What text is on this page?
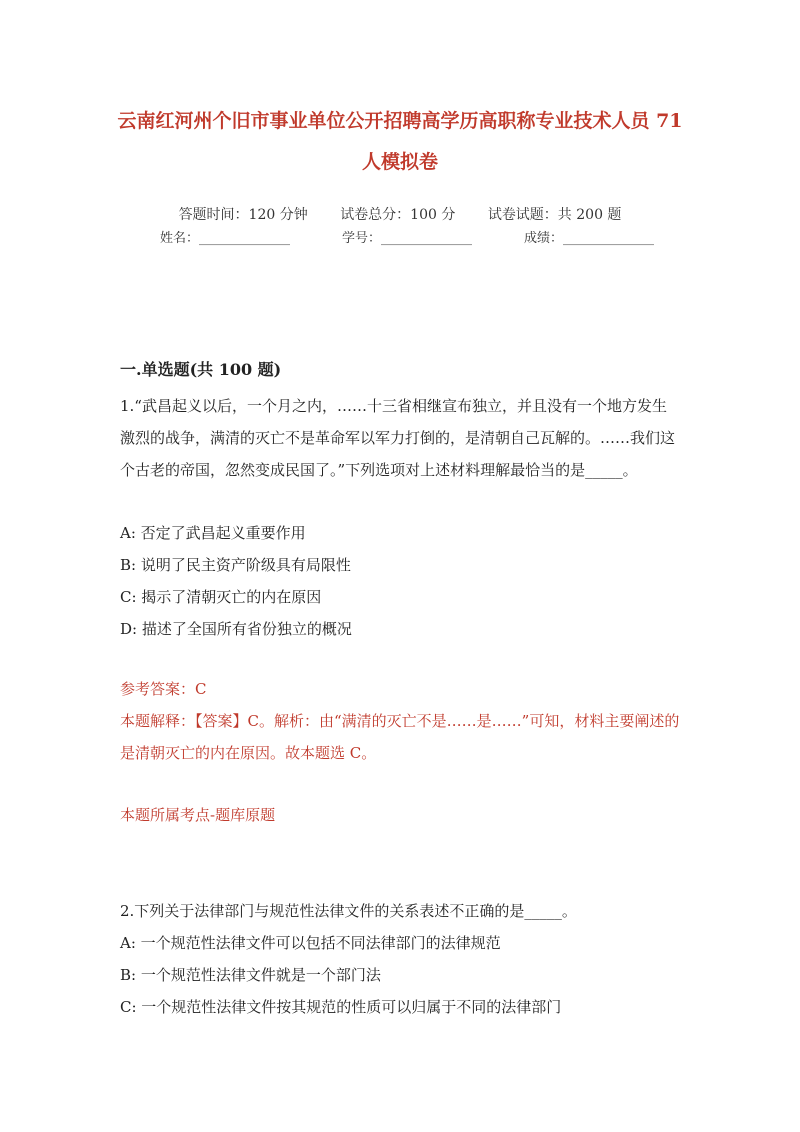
云南红河州个旧市事业单位公开招聘高学历高职称专业技术人员 71
人模拟卷
答题时间：120 分钟 试卷总分：100 分 试卷试题：共 200 题
姓名：______________	学号：______________	成绩：______________
一.单选题(共 100 题)

1.“武昌起义以后，一个月之内，……十三省相继宣布独立，并且没有一个地方发生激烈的战争，满清的灭亡不是革命军以军力打倒的，是清朝自己瓦解的。……我们这个古老的帝国，忽然变成民国了。”下列选项对上述材料理解最恰当的是_____。

A: 否定了武昌起义重要作用
B: 说明了民主资产阶级具有局限性
C: 揭示了清朝灭亡的内在原因
D: 描述了全国所有省份独立的概况
参考答案：C

本题解释：【答案】C。解析：由“满清的灭亡不是……是……”可知，材料主要阐述的是清朝灭亡的内在原因。故本题选 C。

本题所属考点-题库原题

2.下列关于法律部门与规范性法律文件的关系表述不正确的是_____。

A: 一个规范性法律文件可以包括不同法律部门的法律规范
B: 一个规范性法律文件就是一个部门法
C: 一个规范性法律文件按其规范的性质可以归属于不同的法律部门
